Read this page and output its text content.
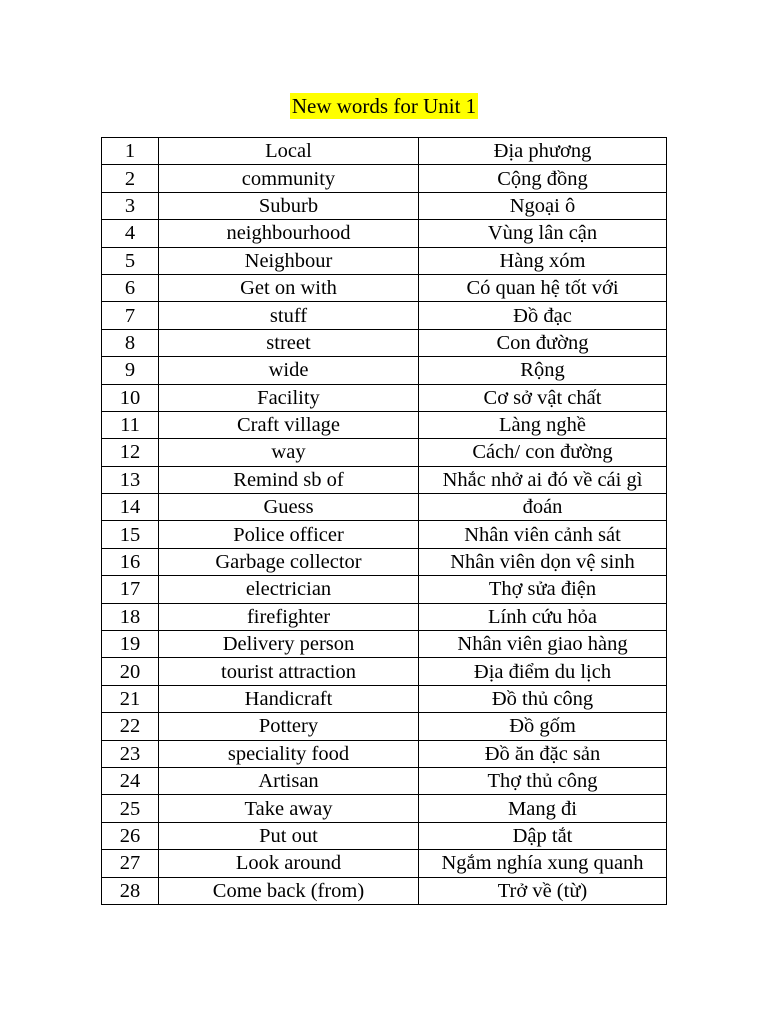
New words for Unit 1
1	Local	Địa phương
2	community	Cộng đồng
3	Suburb	Ngoại ô
4	neighbourhood	Vùng lân cận
5	Neighbour	Hàng xóm
6	Get on with	Có quan hệ tốt với
7	stuff	Đồ đạc
8	street	Con đường
9	wide	Rộng
10	Facility	Cơ sở vật chất
11	Craft village	Làng nghề
12	way	Cách/ con đường
13	Remind sb of	Nhắc nhở ai đó về cái gì
14	Guess	đoán
15	Police officer	Nhân viên cảnh sát
16	Garbage collector	Nhân viên dọn vệ sinh
17	electrician	Thợ sửa điện
18	firefighter	Lính cứu hỏa
19	Delivery person	Nhân viên giao hàng
20	tourist attraction	Địa điểm du lịch
21	Handicraft	Đồ thủ công
22	Pottery	Đồ gốm
23	speciality food	Đồ ăn đặc sản
24	Artisan	Thợ thủ công
25	Take away	Mang đi
26	Put out	Dập tắt
27	Look around	Ngắm nghía xung quanh
28	Come back (from)	Trở về (từ)
